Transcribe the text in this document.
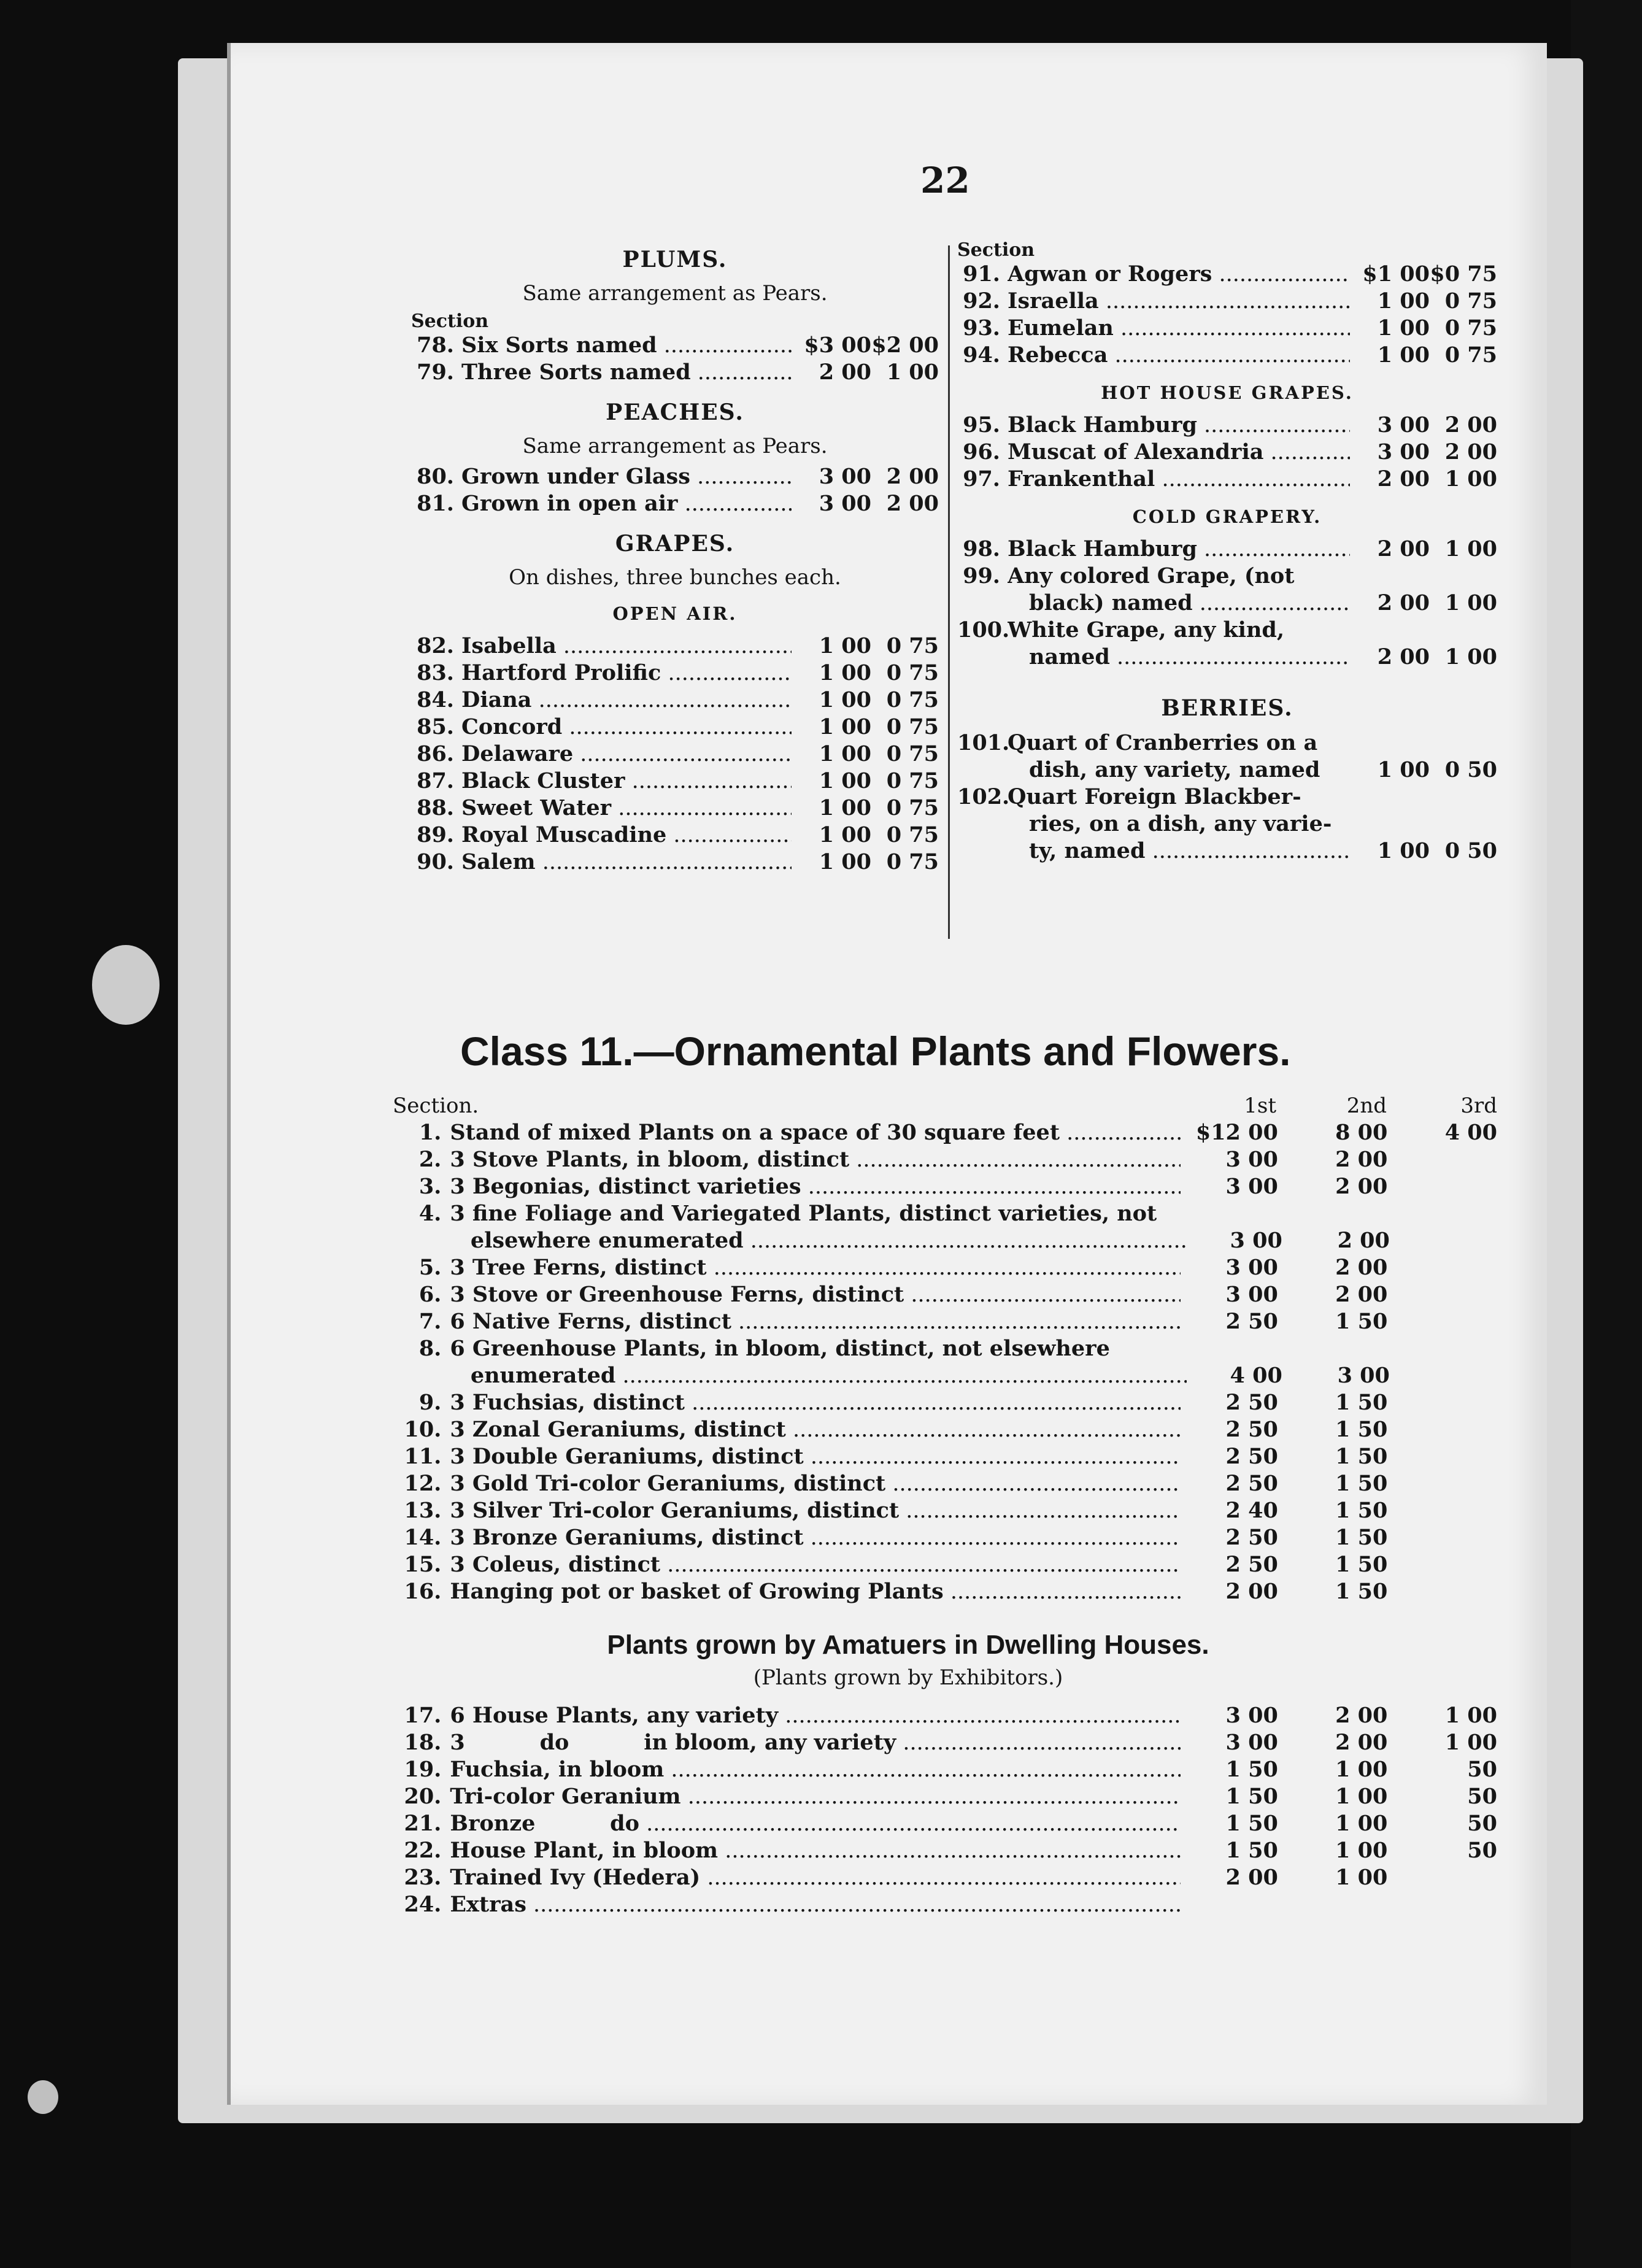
22
PLUMS.
Same arrangement as Pears.
Section
78. Six Sorts named .....	$3 00 $2 00
79. Three Sorts named .....	2 00 1 00
PEACHES.
Same arrangement as Pears.
80. Grown under Glass .....	3 00 2 00
81. Grown in open air .....	3 00 2 00
GRAPES.
On dishes, three bunches each.
OPEN AIR.
82. Isabella .....	1 00 0 75
83. Hartford Prolific .....	1 00 0 75
84. Diana .....	1 00 0 75
85. Concord .....	1 00 0 75
86. Delaware .....	1 00 0 75
87. Black Cluster .....	1 00 0 75
88. Sweet Water .....	1 00 0 75
89. Royal Muscadine .....	1 00 0 75
90. Salem .....	1 00 0 75
Section
91. Agwan or Rogers .....	$1 00 $0 75
92. Israella .....	1 00 0 75
93. Eumelan .....	1 00 0 75
94. Rebecca .....	1 00 0 75
HOT HOUSE GRAPES.
95. Black Hamburg .....	3 00 2 00
96. Muscat of Alexandria .....	3 00 2 00
97. Frankenthal .....	2 00 1 00
COLD GRAPERY.
98. Black Hamburg .....	2 00 1 00
99. Any colored Grape, (not
black) named .....	2 00 1 00
100.
White Grape, any kind,
named .....	2 00 1 00
BERRIES.
101.
Quart of Cranberries on a
dish, any variety, named	1 00 0 50
102.
Quart Foreign Blackber-
ries, on a dish, any varie-
ty, named .....	1 00 0 50
Class 11.—Ornamental Plants and Flowers.
Section.	1st	2nd	3rd
1. Stand of mixed Plants on a space of 30 square feet .....	$12 00	8 00	4 00
2. 3 Stove Plants, in bloom, distinct .....	3 00	2 00
3. 3 Begonias, distinct varieties .....	3 00	2 00
4. 3 fine Foliage and Variegated Plants, distinct varieties, not
elsewhere enumerated .....	3 00	2 00
5. 3 Tree Ferns, distinct .....	3 00	2 00
6. 3 Stove or Greenhouse Ferns, distinct .....	3 00	2 00
7. 6 Native Ferns, distinct .....	2 50	1 50
8. 6 Greenhouse Plants, in bloom, distinct, not elsewhere
enumerated .....	4 00	3 00
9. 3 Fuchsias, distinct .....	2 50	1 50
10. 3 Zonal Geraniums, distinct .....	2 50	1 50
11. 3 Double Geraniums, distinct .....	2 50	1 50
12. 3 Gold Tri-color Geraniums, distinct .....	2 50	1 50
13. 3 Silver Tri-color Geraniums, distinct .....	2 40	1 50
14. 3 Bronze Geraniums, distinct .....	2 50	1 50
15. 3 Coleus, distinct .....	2 50	1 50
16. Hanging pot or basket of Growing Plants .....	2 00	1 50
Plants grown by Amatuers in Dwelling Houses.
(Plants grown by Exhibitors.)
17. 6 House Plants, any variety .....	3 00	2 00	1 00
18. 3          do          in bloom, any variety .....	3 00	2 00	1 00
19. Fuchsia, in bloom .....	1 50	1 00	50
20. Tri-color Geranium .....	1 50	1 00	50
21. Bronze          do .....	1 50	1 00	50
22. House Plant, in bloom .....	1 50	1 00	50
23. Trained Ivy (Hedera) .....	2 00	1 00
24. Extras .....
